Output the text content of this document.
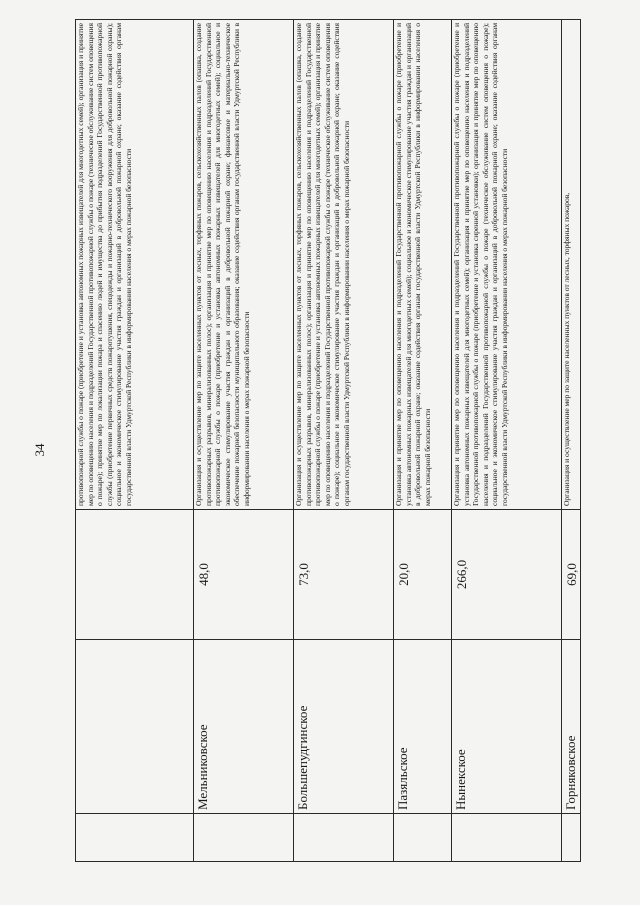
34
				противопожарной службы о пожаре (приобретение и установка автономных пожарных извещателей для многодетных семей); организация и принятие мер по оповещению населения и подразделений Государственной противопожарной службы о пожаре (техническое обслуживание систем оповещения о пожаре); принятие мер по локализации пожара и спасению людей и имущества до прибытия подразделений Государственной противопожарной службы (приобретение первичных средств пожаротушения, спецодежды и пожарно-технического вооружения для добровольной пожарной охраны); социальное и экономическое стимулирование участия граждан и организаций в добровольной пожарной охране; оказание содействия органам государственной власти Удмуртской Республики в информировании населения о мерах пожарной безопасности
	Мельниковское	48,0	Организация и осуществление мер по защите населенных пунктов от лесных, торфяных пожаров, сельскохозяйственных палов (опашка, создание противопожарных разрывов, минерализованных полос); организация и принятие мер по оповещению населения и подразделений Государственной противопожарной службы о пожаре (приобретение и установка автономных пожарных извещателей для многодетных семей); социальное и экономическое стимулирование участия граждан и организаций в добровольной пожарной охране; финансовое и материально-техническое обеспечение пожарной безопасности муниципального образования; оказание содействия органам государственной власти Удмуртской Республики в информировании населения о мерах пожарной безопасности
	Большепудгинское	73,0	Организация и осуществление мер по защите населенных пунктов от лесных, торфяных пожаров, сельскохозяйственных палов (опашка, создание противопожарных разрывов, минерализованных полос); организация и принятие мер по оповещению населения и подразделений Государственной противопожарной службы о пожаре (приобретение и установка автономных пожарных извещателей для многодетных семей); организация и принятие мер по оповещению населения и подразделений Государственной противопожарной службы о пожаре (техническое обслуживание систем оповещения о пожаре); социальное и экономическое стимулирование участия граждан и организаций в добровольной пожарной охране; оказание содействия органам государственной власти Удмуртской Республики в информировании населения о мерах пожарной безопасности
	Пазяльское	20,0	Организация и принятие мер по оповещению населения и подразделений Государственной противопожарной службы о пожаре (приобретение и установка автономных пожарных извещателей для многодетных семей); социальное и экономическое стимулирование участия граждан и организаций в добровольной пожарной охране; оказание содействия органам государственной власти Удмуртской Республики в информировании населения о мерах пожарной безопасности
	Нынекское	266,0	Организация и принятие мер по оповещению населения и подразделений Государственной противопожарной службы о пожаре (приобретение и установка автономных пожарных извещателей для многодетных семей); организация и принятие мер по оповещению населения и подразделений Государственной противопожарной службы о пожаре (приобретение и установка сиренной установки); организация и принятие мер по оповещению населения и подразделений Государственной противопожарной службы о пожаре (техническое обслуживание систем оповещения о пожаре); социальное и экономическое стимулирование участия граждан и организаций в добровольной пожарной охране; оказание содействия органам государственной власти Удмуртской Республики в информировании населения о мерах пожарной безопасности
	Горняковское	69,0	Организация и осуществление мер по защите населенных пунктов от лесных, торфяных пожаров,
